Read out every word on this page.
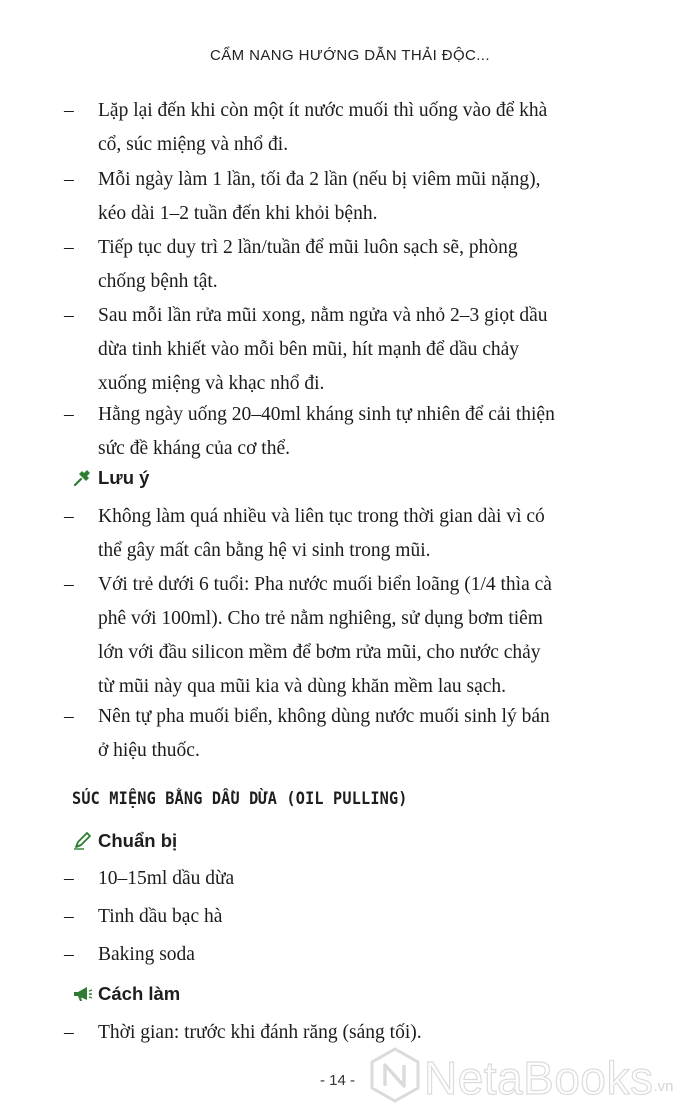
CẨM NANG HƯỚNG DẪN THẢI ĐỘC...
– Lặp lại đến khi còn một ít nước muối thì uống vào để khà
cổ, súc miệng và nhổ đi.
– Mỗi ngày làm 1 lần, tối đa 2 lần (nếu bị viêm mũi nặng),
kéo dài 1–2 tuần đến khi khỏi bệnh.
– Tiếp tục duy trì 2 lần/tuần để mũi luôn sạch sẽ, phòng
chống bệnh tật.
– Sau mỗi lần rửa mũi xong, nằm ngửa và nhỏ 2–3 giọt dầu
dừa tinh khiết vào mỗi bên mũi, hít mạnh để dầu chảy
xuống miệng và khạc nhổ đi.
– Hằng ngày uống 20–40ml kháng sinh tự nhiên để cải thiện
sức đề kháng của cơ thể.
Lưu ý
– Không làm quá nhiều và liên tục trong thời gian dài vì có
thể gây mất cân bằng hệ vi sinh trong mũi.
– Với trẻ dưới 6 tuổi: Pha nước muối biển loãng (1/4 thìa cà
phê với 100ml). Cho trẻ nằm nghiêng, sử dụng bơm tiêm
lớn với đầu silicon mềm để bơm rửa mũi, cho nước chảy
từ mũi này qua mũi kia và dùng khăn mềm lau sạch.
– Nên tự pha muối biển, không dùng nước muối sinh lý bán
ở hiệu thuốc.
SÚC MIỆNG BẰNG DẦU DỪA (OIL PULLING)
Chuẩn bị
– 10–15ml dầu dừa
– Tinh dầu bạc hà
– Baking soda
Cách làm
– Thời gian: trước khi đánh răng (sáng tối).
NetaBooks .vn
- 14 -
